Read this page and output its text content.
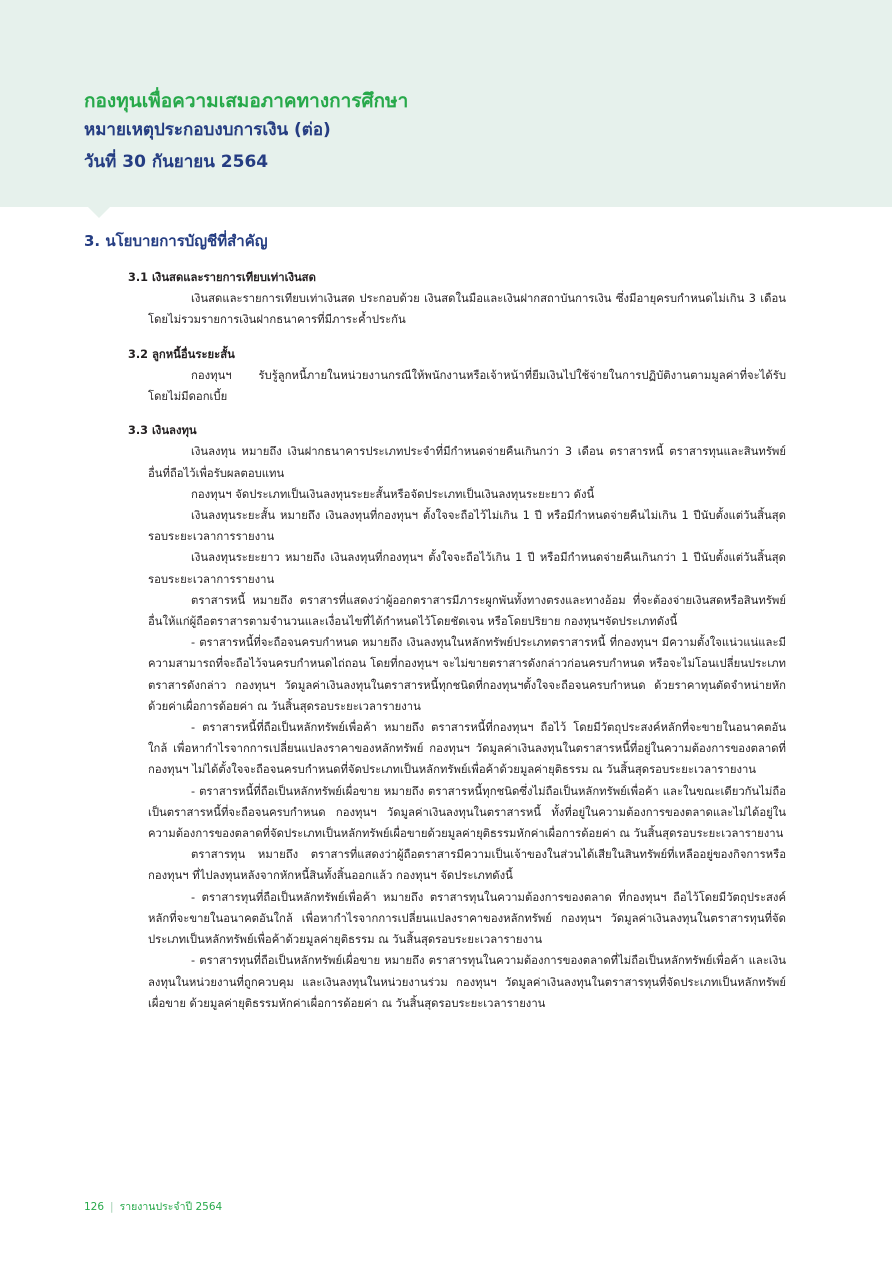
กองทุนเพื่อความเสมอภาคทางการศึกษา
หมายเหตุประกอบงบการเงิน (ต่อ)
วันที่ 30 กันยายน 2564
3. นโยบายการบัญชีที่สำคัญ

3.1 เงินสดและรายการเทียบเท่าเงินสด

เงินสดและรายการเทียบเท่าเงินสด ประกอบด้วย เงินสดในมือและเงินฝากสถาบันการเงิน ซึ่งมีอายุครบกำหนดไม่เกิน 3 เดือน โดยไม่รวมรายการเงินฝากธนาคารที่มีภาระค้ำประกัน

3.2 ลูกหนี้อื่นระยะสั้น

กองทุนฯ รับรู้ลูกหนี้ภายในหน่วยงานกรณีให้พนักงานหรือเจ้าหน้าที่ยืมเงินไปใช้จ่ายในการปฏิบัติงานตามมูลค่าที่จะได้รับ โดยไม่มีดอกเบี้ย

3.3 เงินลงทุน

เงินลงทุน หมายถึง เงินฝากธนาคารประเภทประจำที่มีกำหนดจ่ายคืนเกินกว่า 3 เดือน ตราสารหนี้ ตราสารทุนและสินทรัพย์อื่นที่ถือไว้เพื่อรับผลตอบแทน

กองทุนฯ จัดประเภทเป็นเงินลงทุนระยะสั้นหรือจัดประเภทเป็นเงินลงทุนระยะยาว ดังนี้

เงินลงทุนระยะสั้น หมายถึง เงินลงทุนที่กองทุนฯ ตั้งใจจะถือไว้ไม่เกิน 1 ปี หรือมีกำหนดจ่ายคืนไม่เกิน 1 ปีนับตั้งแต่วันสิ้นสุดรอบระยะเวลาการรายงาน

เงินลงทุนระยะยาว หมายถึง เงินลงทุนที่กองทุนฯ ตั้งใจจะถือไว้เกิน 1 ปี หรือมีกำหนดจ่ายคืนเกินกว่า 1 ปีนับตั้งแต่วันสิ้นสุดรอบระยะเวลาการรายงาน

ตราสารหนี้ หมายถึง ตราสารที่แสดงว่าผู้ออกตราสารมีภาระผูกพันทั้งทางตรงและทางอ้อม ที่จะต้องจ่ายเงินสดหรือสินทรัพย์อื่นให้แก่ผู้ถือตราสารตามจำนวนและเงื่อนไขที่ได้กำหนดไว้โดยชัดเจน หรือโดยปริยาย กองทุนฯจัดประเภทดังนี้

- ตราสารหนี้ที่จะถือจนครบกำหนด หมายถึง เงินลงทุนในหลักทรัพย์ประเภทตราสารหนี้ ที่กองทุนฯ มีความตั้งใจแน่วแน่และมีความสามารถที่จะถือไว้จนครบกำหนดไถ่ถอน โดยที่กองทุนฯ จะไม่ขายตราสารดังกล่าวก่อนครบกำหนด หรือจะไม่โอนเปลี่ยนประเภทตราสารดังกล่าว กองทุนฯ วัดมูลค่าเงินลงทุนในตราสารหนี้ทุกชนิดที่กองทุนฯตั้งใจจะถือจนครบกำหนด ด้วยราคาทุนตัดจำหน่ายหักด้วยค่าเผื่อการด้อยค่า ณ วันสิ้นสุดรอบระยะเวลารายงาน

- ตราสารหนี้ที่ถือเป็นหลักทรัพย์เพื่อค้า หมายถึง ตราสารหนี้ที่กองทุนฯ ถือไว้ โดยมีวัตถุประสงค์หลักที่จะขายในอนาคตอันใกล้ เพื่อหากำไรจากการเปลี่ยนแปลงราคาของหลักทรัพย์ กองทุนฯ วัดมูลค่าเงินลงทุนในตราสารหนี้ที่อยู่ในความต้องการของตลาดที่กองทุนฯ ไม่ได้ตั้งใจจะถือจนครบกำหนดที่จัดประเภทเป็นหลักทรัพย์เพื่อค้าด้วยมูลค่ายุติธรรม ณ วันสิ้นสุดรอบระยะเวลารายงาน

- ตราสารหนี้ที่ถือเป็นหลักทรัพย์เผื่อขาย หมายถึง ตราสารหนี้ทุกชนิดซึ่งไม่ถือเป็นหลักทรัพย์เพื่อค้า และในขณะเดียวกันไม่ถือเป็นตราสารหนี้ที่จะถือจนครบกำหนด กองทุนฯ วัดมูลค่าเงินลงทุนในตราสารหนี้ ทั้งที่อยู่ในความต้องการของตลาดและไม่ได้อยู่ในความต้องการของตลาดที่จัดประเภทเป็นหลักทรัพย์เผื่อขายด้วยมูลค่ายุติธรรมหักค่าเผื่อการด้อยค่า ณ วันสิ้นสุดรอบระยะเวลารายงาน

ตราสารทุน หมายถึง ตราสารที่แสดงว่าผู้ถือตราสารมีความเป็นเจ้าของในส่วนได้เสียในสินทรัพย์ที่เหลืออยู่ของกิจการหรือกองทุนฯ ที่ไปลงทุนหลังจากหักหนี้สินทั้งสิ้นออกแล้ว กองทุนฯ จัดประเภทดังนี้

- ตราสารทุนที่ถือเป็นหลักทรัพย์เพื่อค้า หมายถึง ตราสารทุนในความต้องการของตลาด ที่กองทุนฯ ถือไว้โดยมีวัตถุประสงค์หลักที่จะขายในอนาคตอันใกล้ เพื่อหากำไรจากการเปลี่ยนแปลงราคาของหลักทรัพย์ กองทุนฯ วัดมูลค่าเงินลงทุนในตราสารทุนที่จัดประเภทเป็นหลักทรัพย์เพื่อค้าด้วยมูลค่ายุติธรรม ณ วันสิ้นสุดรอบระยะเวลารายงาน

- ตราสารทุนที่ถือเป็นหลักทรัพย์เผื่อขาย หมายถึง ตราสารทุนในความต้องการของตลาดที่ไม่ถือเป็นหลักทรัพย์เพื่อค้า และเงินลงทุนในหน่วยงานที่ถูกควบคุม และเงินลงทุนในหน่วยงานร่วม กองทุนฯ วัดมูลค่าเงินลงทุนในตราสารทุนที่จัดประเภทเป็นหลักทรัพย์เผื่อขาย ด้วยมูลค่ายุติธรรมหักค่าเผื่อการด้อยค่า ณ วันสิ้นสุดรอบระยะเวลารายงาน

126 | รายงานประจำปี 2564
